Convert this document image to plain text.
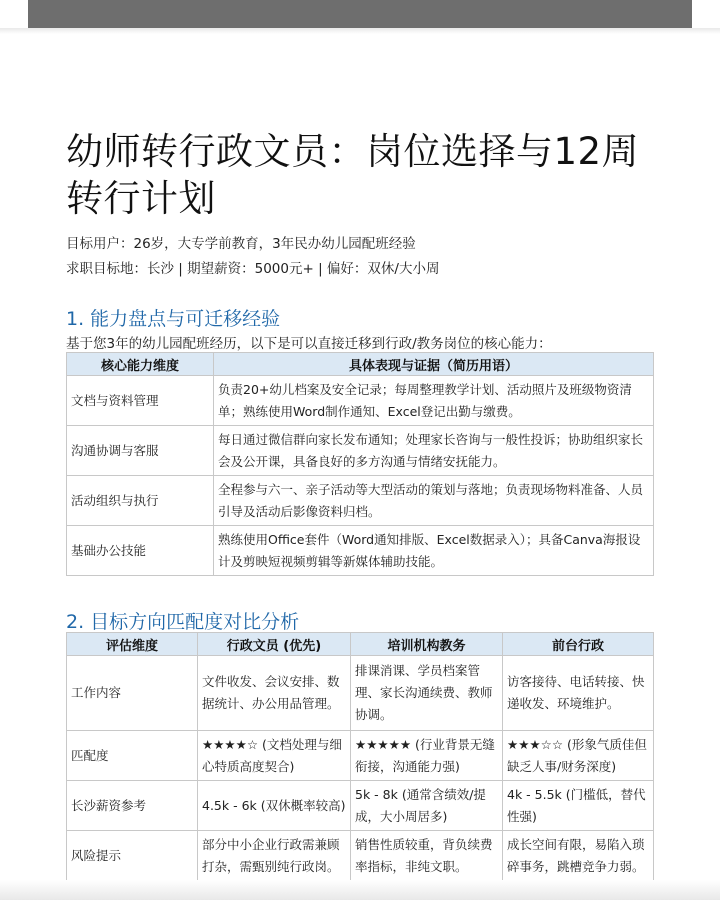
幼师转行政文员：岗位选择与12周转行计划
目标用户：26岁，大专学前教育，3年民办幼儿园配班经验
求职目标地：长沙 | 期望薪资：5000元+ | 偏好：双休/大小周
1. 能力盘点与可迁移经验
基于您3年的幼儿园配班经历，以下是可以直接迁移到行政/教务岗位的核心能力：
核心能力维度	具体表现与证据（简历用语）
文档与资料管理	负责20+幼儿档案及安全记录；每周整理教学计划、活动照片及班级物资清单；熟练使用Word制作通知、Excel登记出勤与缴费。
沟通协调与客服	每日通过微信群向家长发布通知；处理家长咨询与一般性投诉；协助组织家长会及公开课，具备良好的多方沟通与情绪安抚能力。
活动组织与执行	全程参与六一、亲子活动等大型活动的策划与落地；负责现场物料准备、人员引导及活动后影像资料归档。
基础办公技能	熟练使用Office套件（Word通知排版、Excel数据录入）；具备Canva海报设计及剪映短视频剪辑等新媒体辅助技能。
2. 目标方向匹配度对比分析
评估维度	行政文员 (优先)	培训机构教务	前台行政
工作内容	文件收发、会议安排、数据统计、办公用品管理。	排课消课、学员档案管理、家长沟通续费、教师协调。	访客接待、电话转接、快递收发、环境维护。
匹配度	★★★★☆ (文档处理与细心特质高度契合)	★★★★★ (行业背景无缝衔接，沟通能力强)	★★★☆☆ (形象气质佳但缺乏人事/财务深度)
长沙薪资参考	4.5k - 6k (双休概率较高)	5k - 8k (通常含绩效/提成，大小周居多)	4k - 5.5k (门槛低，替代性强)
风险提示	部分中小企业行政需兼顾打杂，需甄别纯行政岗。	销售性质较重，背负续费率指标，非纯文职。	成长空间有限，易陷入琐碎事务，跳槽竞争力弱。
